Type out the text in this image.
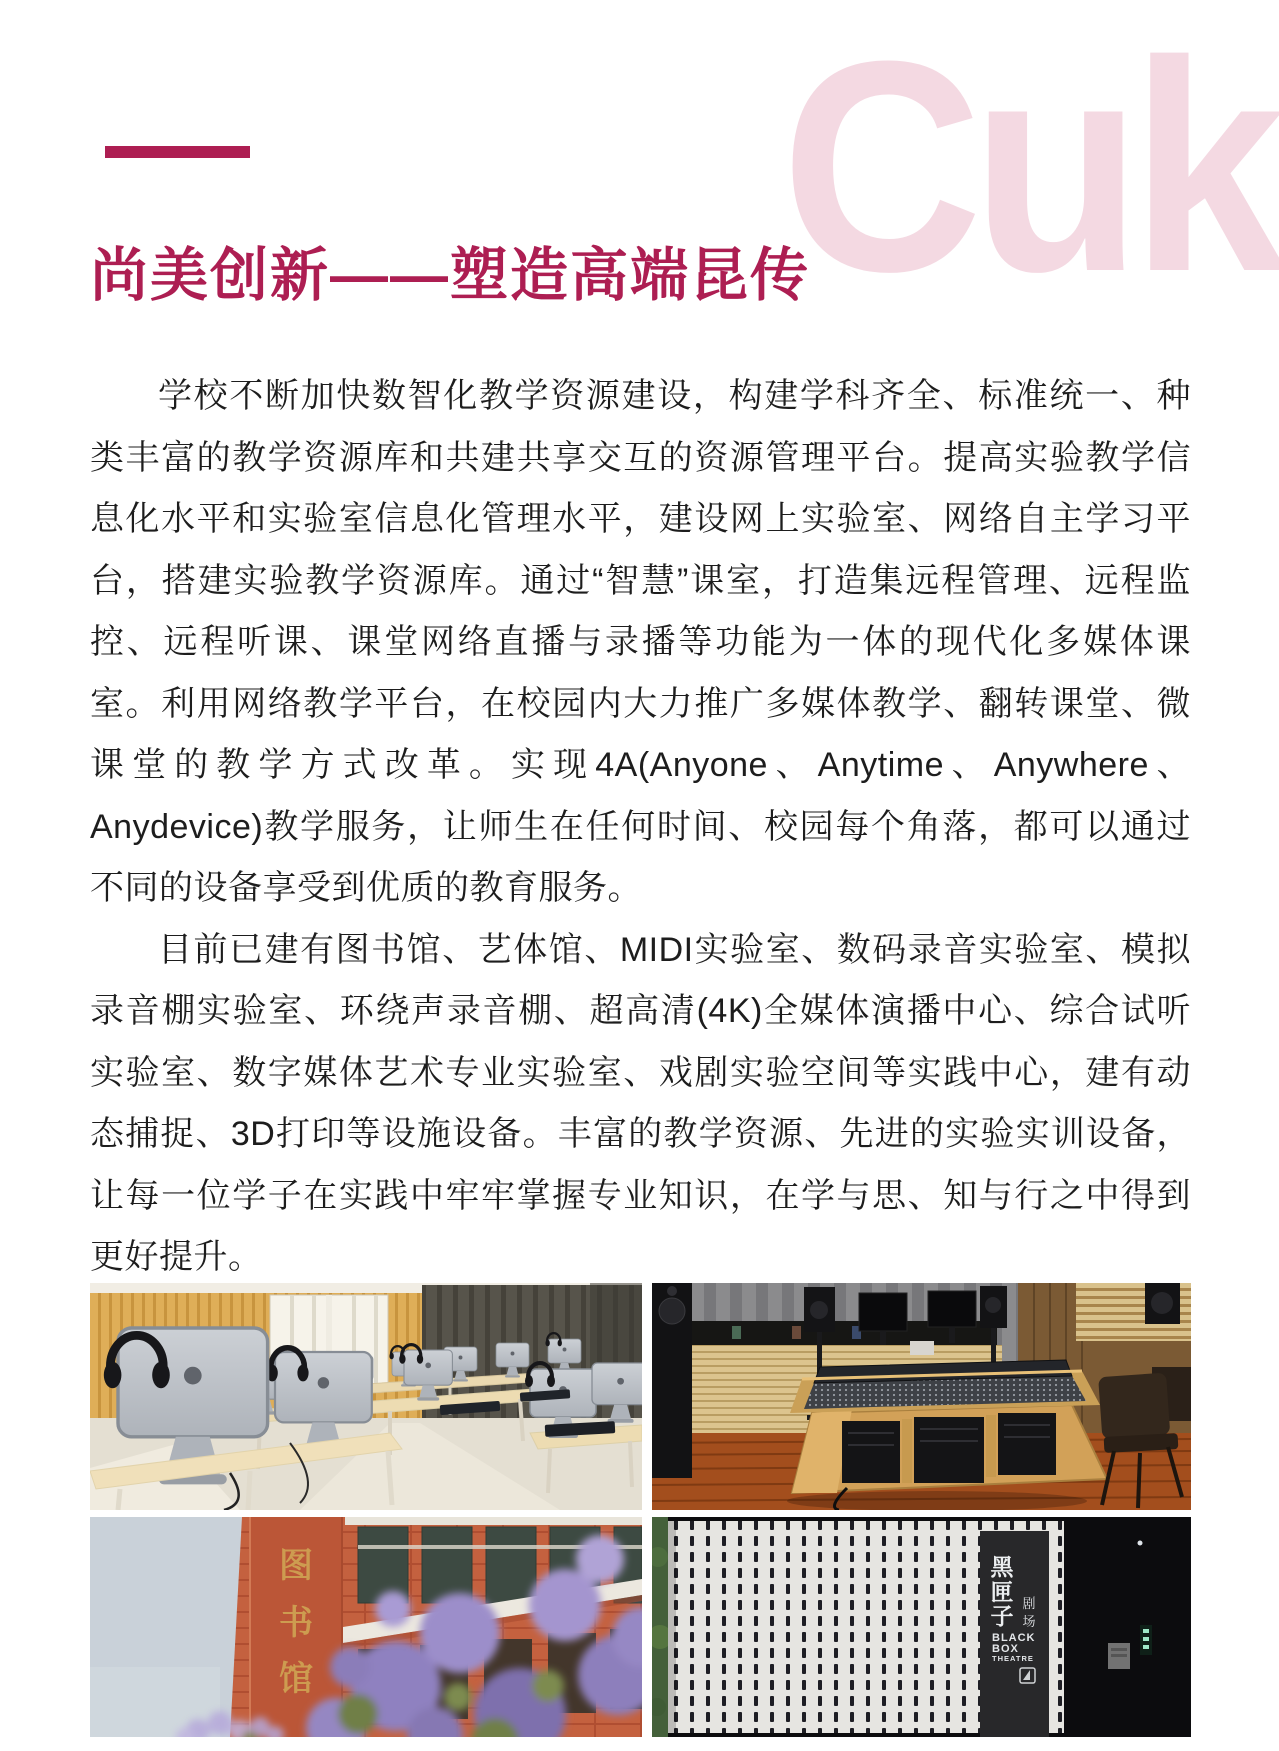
Cuk
尚美创新——塑造高端昆传

学校不断加快数智化教学资源建设，构建学科齐全、标准统一、种类丰富的教学资源库和共建共享交互的资源管理平台。提高实验教学信息化水平和实验室信息化管理水平，建设网上实验室、网络自主学习平台，搭建实验教学资源库。通过“智慧”课室，打造集远程管理、远程监控、远程听课、课堂网络直播与录播等功能为一体的现代化多媒体课室。利用网络教学平台，在校园内大力推广多媒体教学、翻转课堂、微课堂的教学方式改革。实现4A(Anyone、Anytime、Anywhere、Anydevice)教学服务，让师生在任何时间、校园每个角落，都可以通过不同的设备享受到优质的教育服务。

目前已建有图书馆、艺体馆、MIDI实验室、数码录音实验室、模拟录音棚实验室、环绕声录音棚、超高清(4K)全媒体演播中心、综合试听实验室、数字媒体艺术专业实验室、戏剧实验空间等实践中心，建有动态捕捉、3D打印等设施设备。丰富的教学资源、先进的实验实训设备，让每一位学子在实践中牢牢掌握专业知识，在学与思、知与行之中得到更好提升。

图
书
馆
黑
匣
子 剧
场
BLACK
BOX
THEATRE
